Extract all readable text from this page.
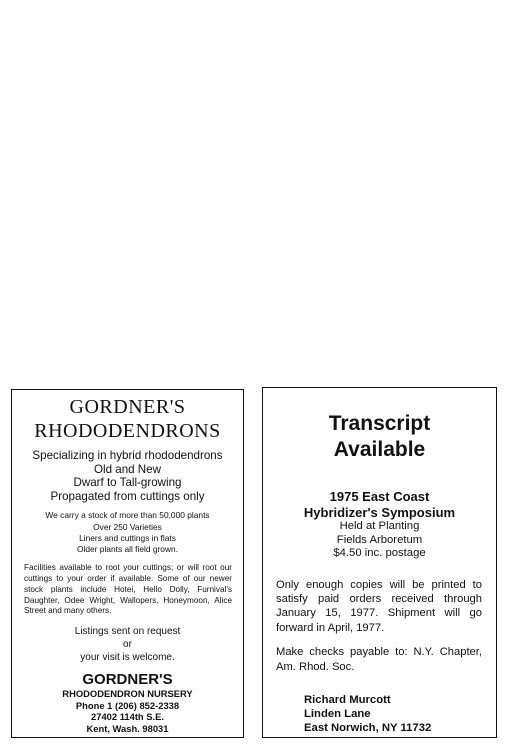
GORDNER'S
RHODODENDRONS
Specializing in hybrid rhododendrons
Old and New
Dwarf to Tall-growing
Propagated from cuttings only
We carry a stock of more than 50,000 plants
Over 250 Varieties
Liners and cuttings in flats
Older plants all field grown.
Facilities available to root your cuttings; or will root our cuttings to your order if available. Some of our newer stock plants include Hotei, Hello Dolly, Furnival's Daughter, Odee Wright, Wallopers, Honeymoon, Alice Street and many others.
Listings sent on request
or
your visit is welcome.
GORDNER'S
RHODODENDRON NURSERY
Phone 1 (206) 852-2338
27402 114th S.E.
Kent, Wash. 98031
Transcript
Available
1975 East Coast
Hybridizer's Symposium
Held at Planting
Fields Arboretum
$4.50 inc. postage
Only enough copies will be printed to satisfy paid orders received through January 15, 1977. Shipment will go forward in April, 1977.
Make checks payable to: N.Y. Chapter, Am. Rhod. Soc.
Richard Murcott
Linden Lane
East Norwich, NY 11732
